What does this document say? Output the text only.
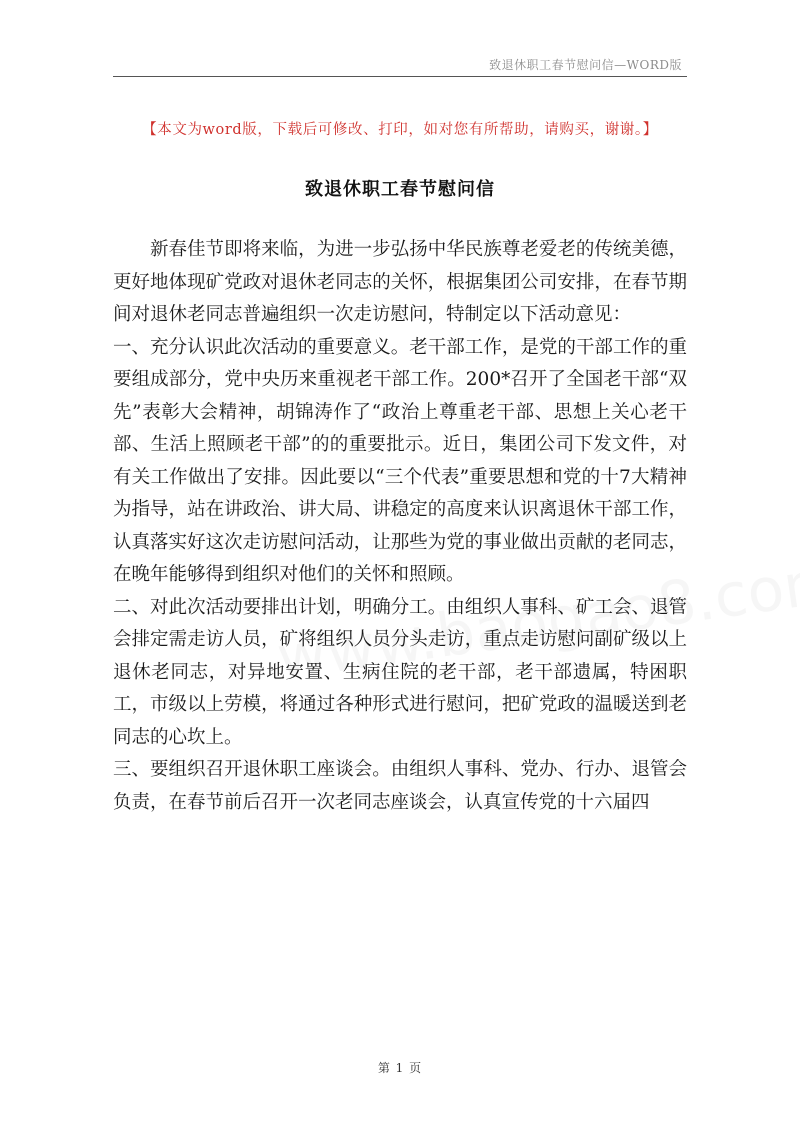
致退休职工春节慰问信—WORD版
【本文为word版，下载后可修改、打印，如对您有所帮助，请购买，谢谢。】
致退休职工春节慰问信

新春佳节即将来临，为进一步弘扬中华民族尊老爱老的传统美德，更好地体现矿党政对退休老同志的关怀，根据集团公司安排，在春节期间对退休老同志普遍组织一次走访慰问，特制定以下活动意见：

一、充分认识此次活动的重要意义。老干部工作，是党的干部工作的重要组成部分，党中央历来重视老干部工作。200*召开了全国老干部“双先”表彰大会精神，胡锦涛作了“政治上尊重老干部、思想上关心老干部、生活上照顾老干部”的的重要批示。近日，集团公司下发文件，对有关工作做出了安排。因此要以“三个代表”重要思想和党的十7大精神为指导，站在讲政治、讲大局、讲稳定的高度来认识离退休干部工作，认真落实好这次走访慰问活动，让那些为党的事业做出贡献的老同志，在晚年能够得到组织对他们的关怀和照顾。

二、对此次活动要排出计划，明确分工。由组织人事科、矿工会、退管会排定需走访人员，矿将组织人员分头走访，重点走访慰问副矿级以上退休老同志，对异地安置、生病住院的老干部，老干部遗属，特困职工，市级以上劳模，将通过各种形式进行慰问，把矿党政的温暖送到老同志的心坎上。

三、要组织召开退休职工座谈会。由组织人事科、党办、行办、退管会负责，在春节前后召开一次老同志座谈会，认真宣传党的十六届四

第 1 页
